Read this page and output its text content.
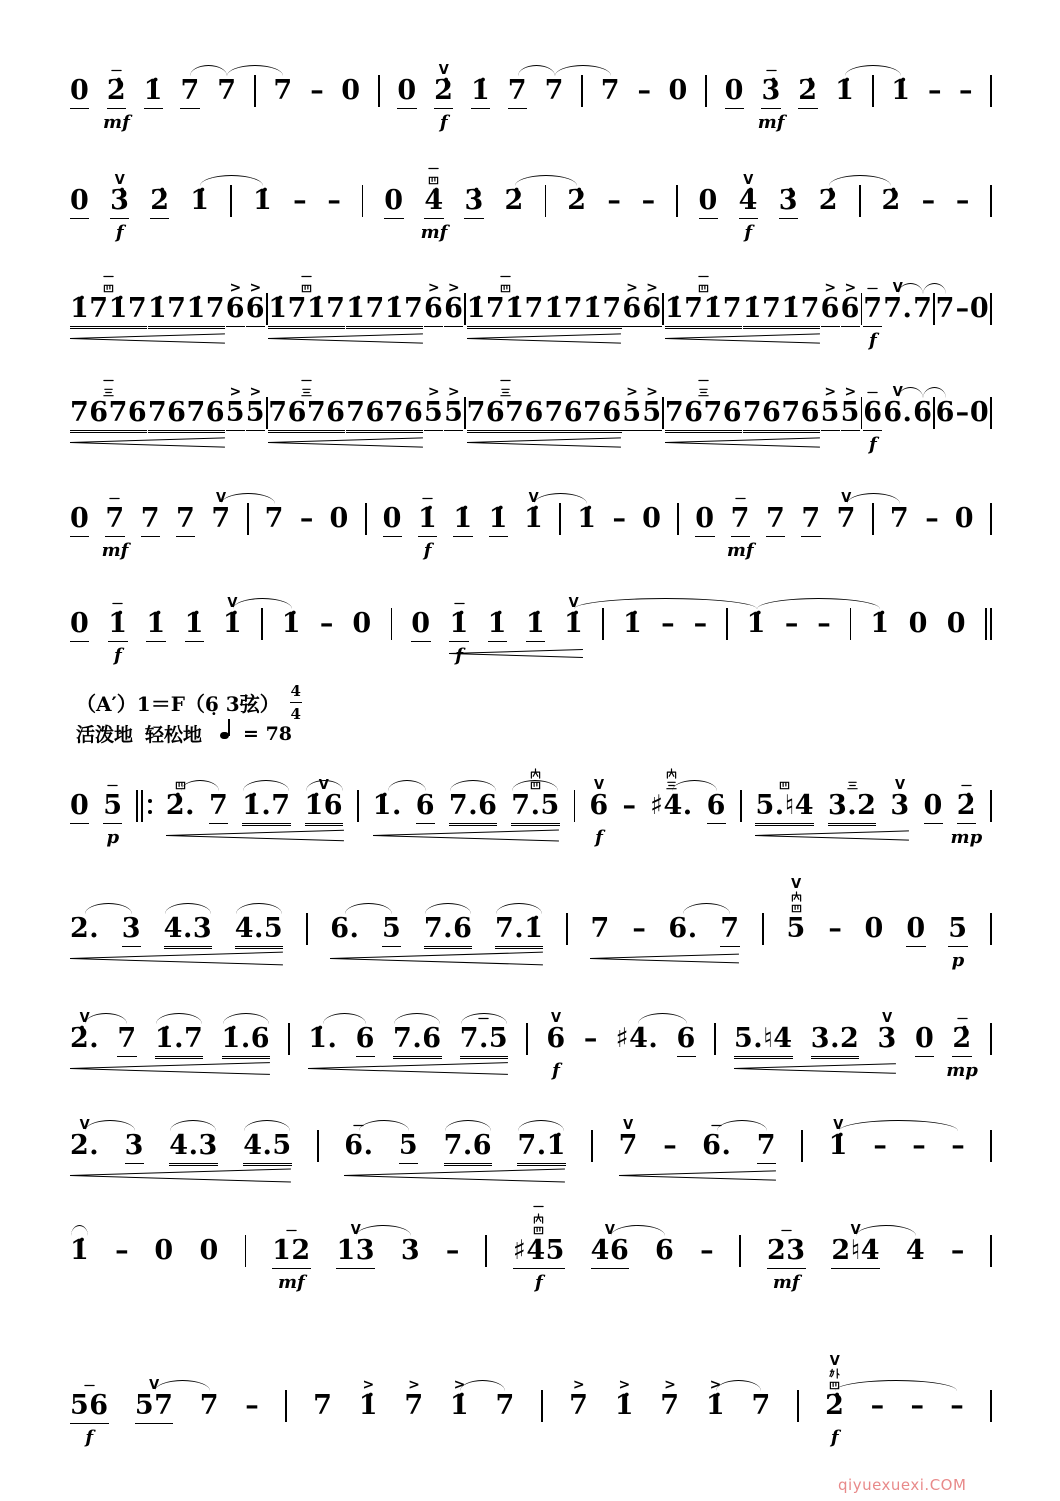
（A′）1＝F（6̣ 3弦）
4
4
活泼地 轻松地 = 78
0 2̇
mf
1̇ 7 7 7 – 0 0
V
2̇
f
1̇ 7 7 7 – 0 0 3̇
mf
2̇ 1̇ 1̇ – –
0
V
3̇
f
2̇ 1̇ 1̇ – – 0 4̇
mf
3̇ 2̇ 2̇ – – 0
V
4̇
f
3̇ 2̇ 2̇ – –
1̇71̇7 1̇71̇7
>
6
>
6 1̇71̇7 1̇71̇7
>
6
>
6 1̇71̇7 1̇71̇7
>
6
>
6 1̇71̇7 1̇71̇7
>
6
>
6 7
f
V
7. 7 7 – 0
7676 7676
>
5
>
5 7676 7676
>
5
>
5 7676 7676
>
5
>
5 7676 7676
>
5
>
5 6
f
V
6. 6 6 – 0
0 7
mf
7 7
V
7 7 – 0 0 1̇
f
1̇ 1̇
V
1̇ 1̇ – 0 0 7
mf
7 7
V
7 7 – 0
0 1̇
f
1̇ 1̇
V
1̇ 1̇ – 0 0 1̇
f
1̇ 1̇
V
1̇ 1̇ – – 1̇ – – 1̇ 0 0
0 5
p
2̇. 7 1̇.7
V
1̇6 1̇. 6 7.6 7.5
V
6
f
– ♯4. 6 5.♮4 3.2
V
3 0 2̇
mp
2. 3 4.3 4.5 6. 5 7.6 7.1̇ 7 – 6. 7
V
5 – 0 0 5
p
V
2̇. 7 1̇.7 1̇.6 1̇. 6 7.6 7.5
V
6
f
– ♯4. 6 5.♮4 3.2
V
3 0 2̇
mp
V
2. 3 4.3 4.5 6. 5 7.6 7.1̇
V
7 – 6. 7
V
1̇ – – –
1̇ – 0 0 12
mf
V
13 3 – ♯45
f
V
46 6 – 23
mf
V
2♮4 4 –
56
f
V
57 7 – 7
>
1̇
>
7
>
1̇ 7
>
7
>
1̇
>
7
>
1̇ 7
V
2̇
f
– – –
qiyuexuexi.COM
